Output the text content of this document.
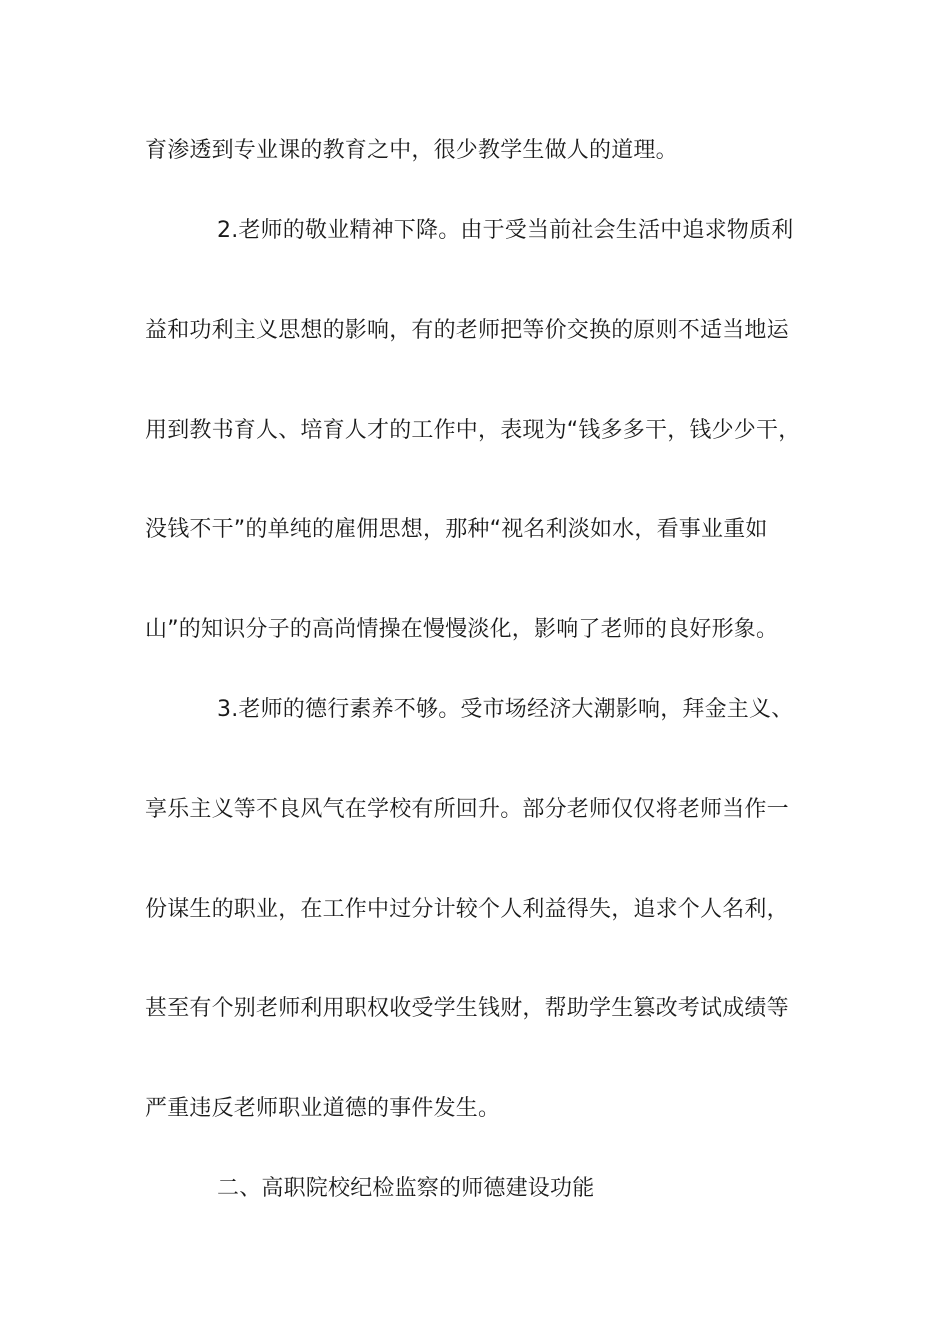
育渗透到专业课的教育之中，很少教学生做人的道理。
2.老师的敬业精神下降。由于受当前社会生活中追求物质利
益和功利主义思想的影响，有的老师把等价交换的原则不适当地运
用到教书育人、培育人才的工作中，表现为“钱多多干，钱少少干，
没钱不干”的单纯的雇佣思想，那种“视名利淡如水，看事业重如
山”的知识分子的高尚情操在慢慢淡化，影响了老师的良好形象。
3.老师的德行素养不够。受市场经济大潮影响，拜金主义、
享乐主义等不良风气在学校有所回升。部分老师仅仅将老师当作一
份谋生的职业，在工作中过分计较个人利益得失，追求个人名利，
甚至有个别老师利用职权收受学生钱财，帮助学生篡改考试成绩等
严重违反老师职业道德的事件发生。
二、高职院校纪检监察的师德建设功能
